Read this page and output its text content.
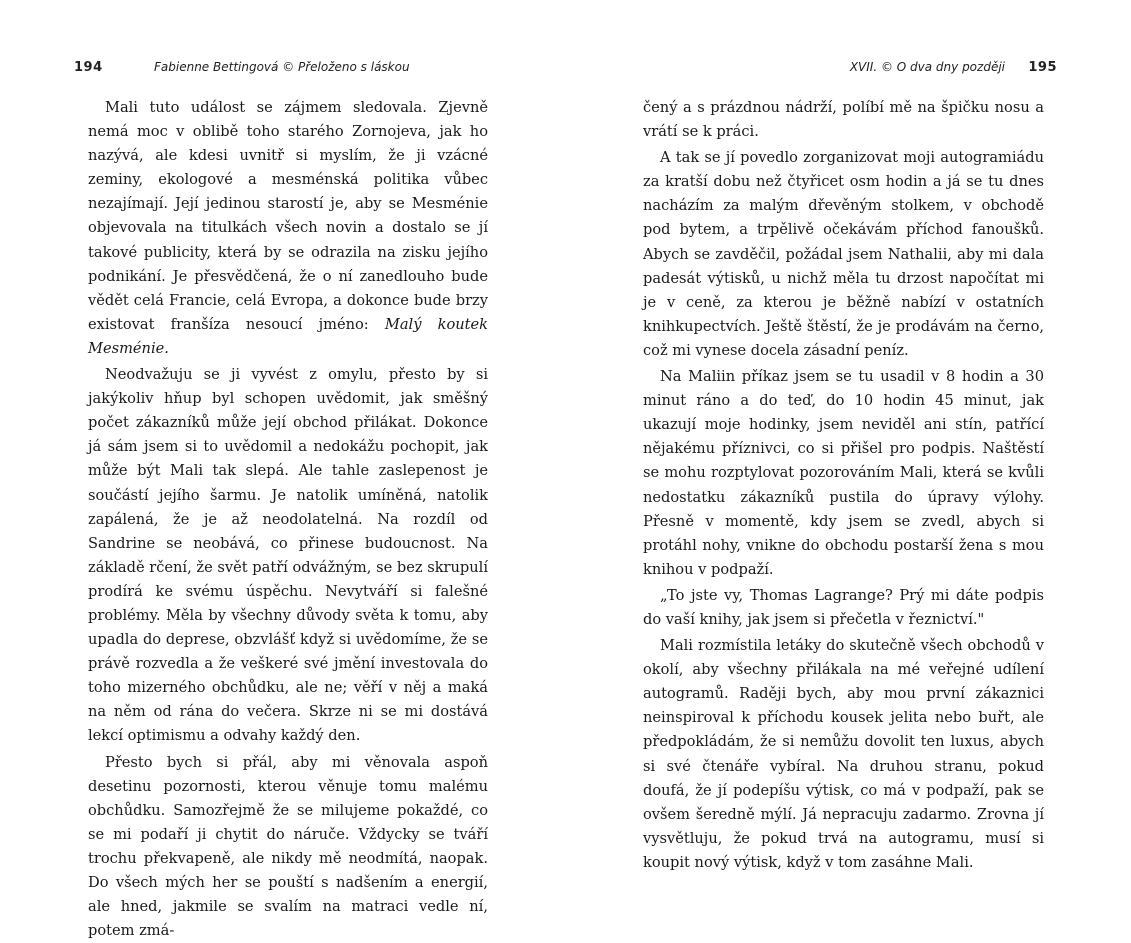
194	Fabienne Bettingová © Přeloženo s láskou

Mali tuto událost se zájmem sledovala. Zjevně nemá moc v oblibě toho starého Zornojeva, jak ho nazývá, ale kdesi uvnitř si myslím, že ji vzácné zeminy, ekologové a mesménská politika vůbec nezajímají. Její jedinou starostí je, aby se Mesménie objevovala na titulkách všech novin a dostalo se jí takové publicity, která by se odrazila na zisku jejího podnikání. Je přesvědčená, že o ní zanedlouho bude vědět celá Francie, celá Evropa, a dokonce bude brzy existovat franšíza nesoucí jméno: Malý koutek Mesménie.

Neodvažuju se ji vyvést z omylu, přesto by si jakýkoliv hňup byl schopen uvědomit, jak směšný počet zákazníků může její obchod přilákat. Dokonce já sám jsem si to uvědomil a nedokážu pochopit, jak může být Mali tak slepá. Ale tahle zaslepenost je součástí jejího šarmu. Je natolik umíněná, natolik zapálená, že je až neodolatelná. Na rozdíl od Sandrine se neobává, co přinese budoucnost. Na základě rčení, že svět patří odvážným, se bez skrupulí prodírá ke svému úspěchu. Nevytváří si falešné problémy. Měla by všechny důvody světa k tomu, aby upadla do deprese, obzvlášť když si uvědomíme, že se právě rozvedla a že veškeré své jmění investovala do toho mizerného obchůdku, ale ne; věří v něj a maká na něm od rána do večera. Skrze ni se mi dostává lekcí optimismu a odvahy každý den.

Přesto bych si přál, aby mi věnovala aspoň desetinu pozornosti, kterou věnuje tomu malému obchůdku. Samozřejmě že se milujeme pokaždé, co se mi podaří ji chytit do náruče. Vždycky se tváří trochu překvapeně, ale nikdy mě neodmítá, naopak. Do všech mých her se pouští s nadšením a energií, ale hned, jakmile se svalím na matraci vedle ní, potem zmá-

XVII. © O dva dny později 195

čený a s prázdnou nádrží, políbí mě na špičku nosu a vrátí se k práci.

A tak se jí povedlo zorganizovat moji autogramiádu za kratší dobu než čtyřicet osm hodin a já se tu dnes nacházím za malým dřevěným stolkem, v obchodě pod bytem, a trpělivě očekávám příchod fanoušků. Abych se zavděčil, požádal jsem Nathalii, aby mi dala padesát výtisků, u nichž měla tu drzost napočítat mi je v ceně, za kterou je běžně nabízí v ostatních knihkupectvích. Ještě štěstí, že je prodávám na černo, což mi vynese docela zásadní peníz.

Na Maliin příkaz jsem se tu usadil v 8 hodin a 30 minut ráno a do teď, do 10 hodin 45 minut, jak ukazují moje hodinky, jsem neviděl ani stín, patřící nějakému příznivci, co si přišel pro podpis. Naštěstí se mohu rozptylovat pozorováním Mali, která se kvůli nedostatku zákazníků pustila do úpravy výlohy. Přesně v momentě, kdy jsem se zvedl, abych si protáhl nohy, vnikne do obchodu postarší žena s mou knihou v podpaží.

„To jste vy, Thomas Lagrange? Prý mi dáte podpis do vaší knihy, jak jsem si přečetla v řeznictví."

Mali rozmístila letáky do skutečně všech obchodů v okolí, aby všechny přilákala na mé veřejné udílení autogramů. Raději bych, aby mou první zákaznici neinspiroval k příchodu kousek jelita nebo buřt, ale předpokládám, že si nemůžu dovolit ten luxus, abych si své čtenáře vybíral. Na druhou stranu, pokud doufá, že jí podepíšu výtisk, co má v podpaží, pak se ovšem šeredně mýlí. Já nepracuju zadarmo. Zrovna jí vysvětluju, že pokud trvá na autogramu, musí si koupit nový výtisk, když v tom zasáhne Mali.
